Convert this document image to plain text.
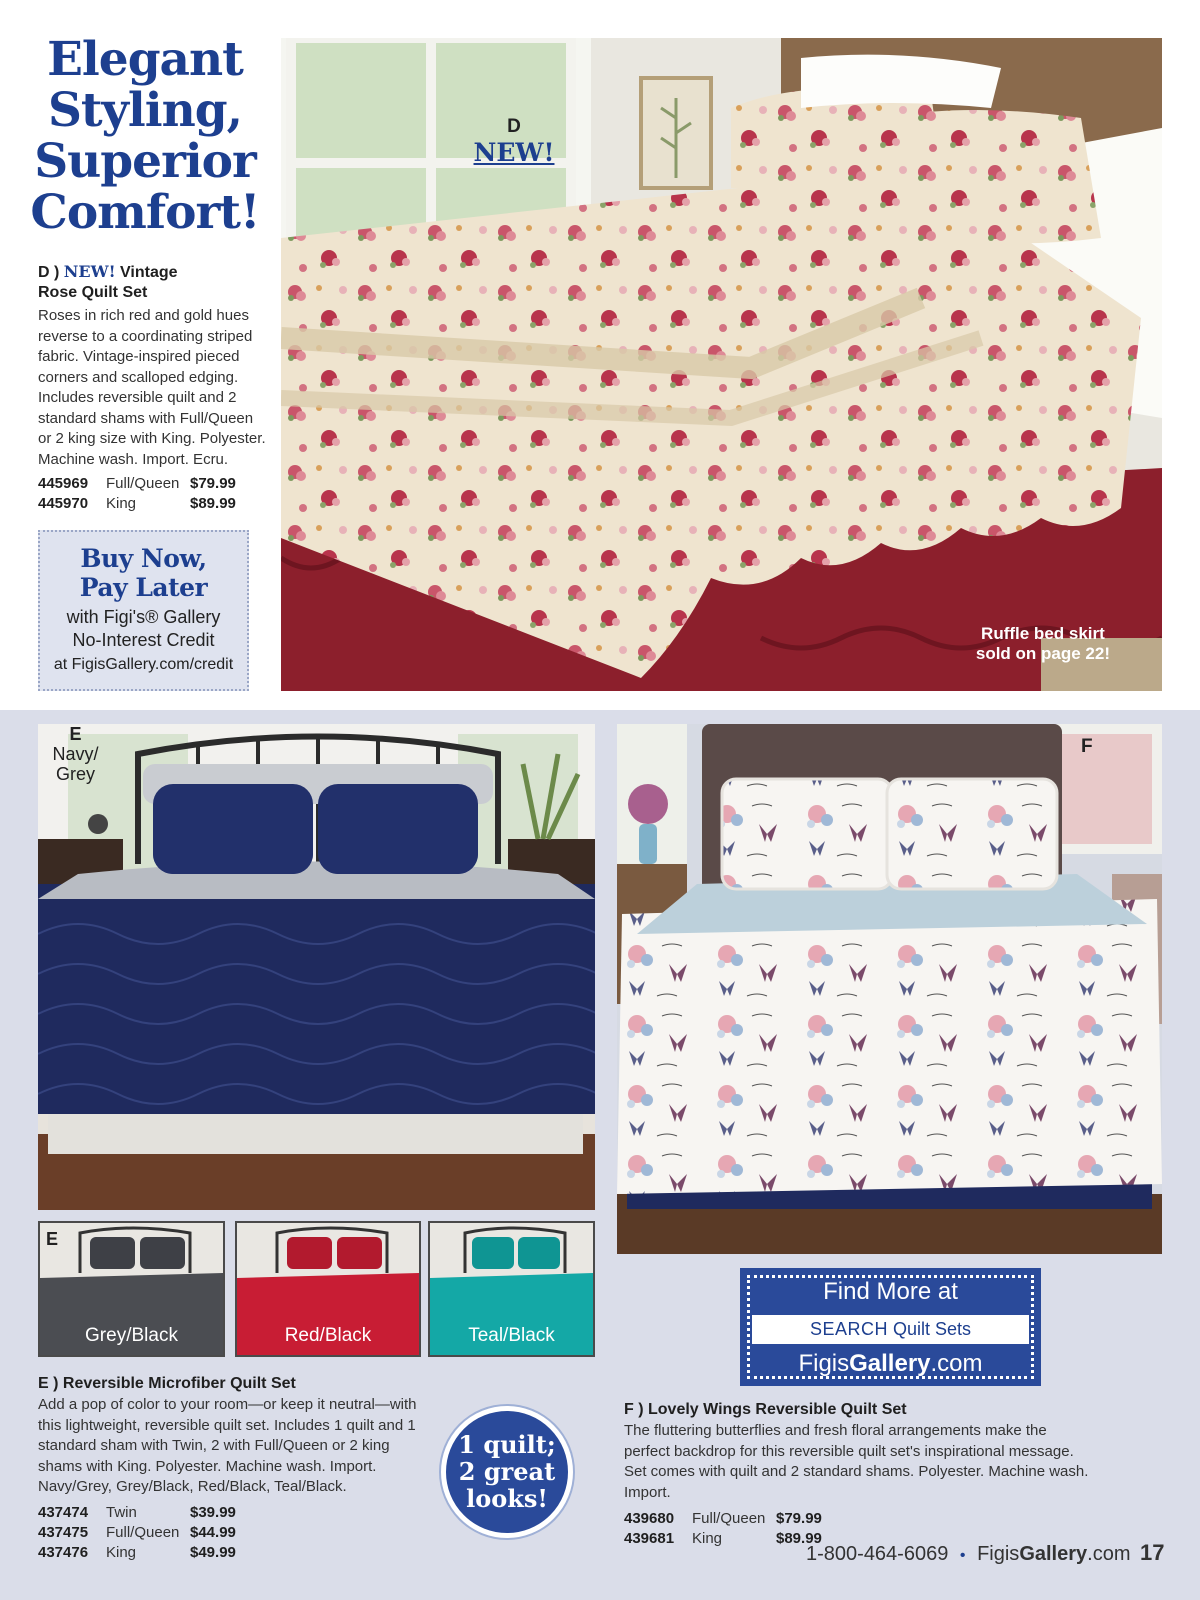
Elegant
Styling,
Superior
Comfort!
D ) NEW! Vintage
Rose Quilt Set

Roses in rich red and gold hues reverse to a coordinating striped fabric. Vintage-inspired pieced corners and scalloped edging. Includes reversible quilt and 2 standard shams with Full/Queen or 2 king size with King. Polyester. Machine wash. Import. Ecru.

445969	Full/Queen	$79.99
445970	King	$89.99
Buy Now,
Pay Later
with Figi's® Gallery
No-Interest Credit
at FigisGallery.com/credit
D
NEW!
Ruffle bed skirt
sold on page 22!
E
Navy/
Grey
E
Grey/Black	Red/Black	Teal/Black
F
Find More at
SEARCH Quilt Sets
FigisGallery.com
E ) Reversible Microfiber Quilt Set

Add a pop of color to your room—or keep it neutral—with this lightweight, reversible quilt set. Includes 1 quilt and 1 standard sham with Twin, 2 with Full/Queen or 2 king shams with King. Polyester. Machine wash. Import. Navy/Grey, Grey/Black, Red/Black, Teal/Black.

437474	Twin	$39.99
437475	Full/Queen	$44.99
437476	King	$49.99
1 quilt;
2 great
looks!
F ) Lovely Wings Reversible Quilt Set

The fluttering butterflies and fresh floral arrangements make the perfect backdrop for this reversible quilt set's inspirational message. Set comes with quilt and 2 standard shams. Polyester. Machine wash. Import.

439680	Full/Queen	$79.99
439681	King	$89.99
1-800-464-6069 • FigisGallery.com 17
